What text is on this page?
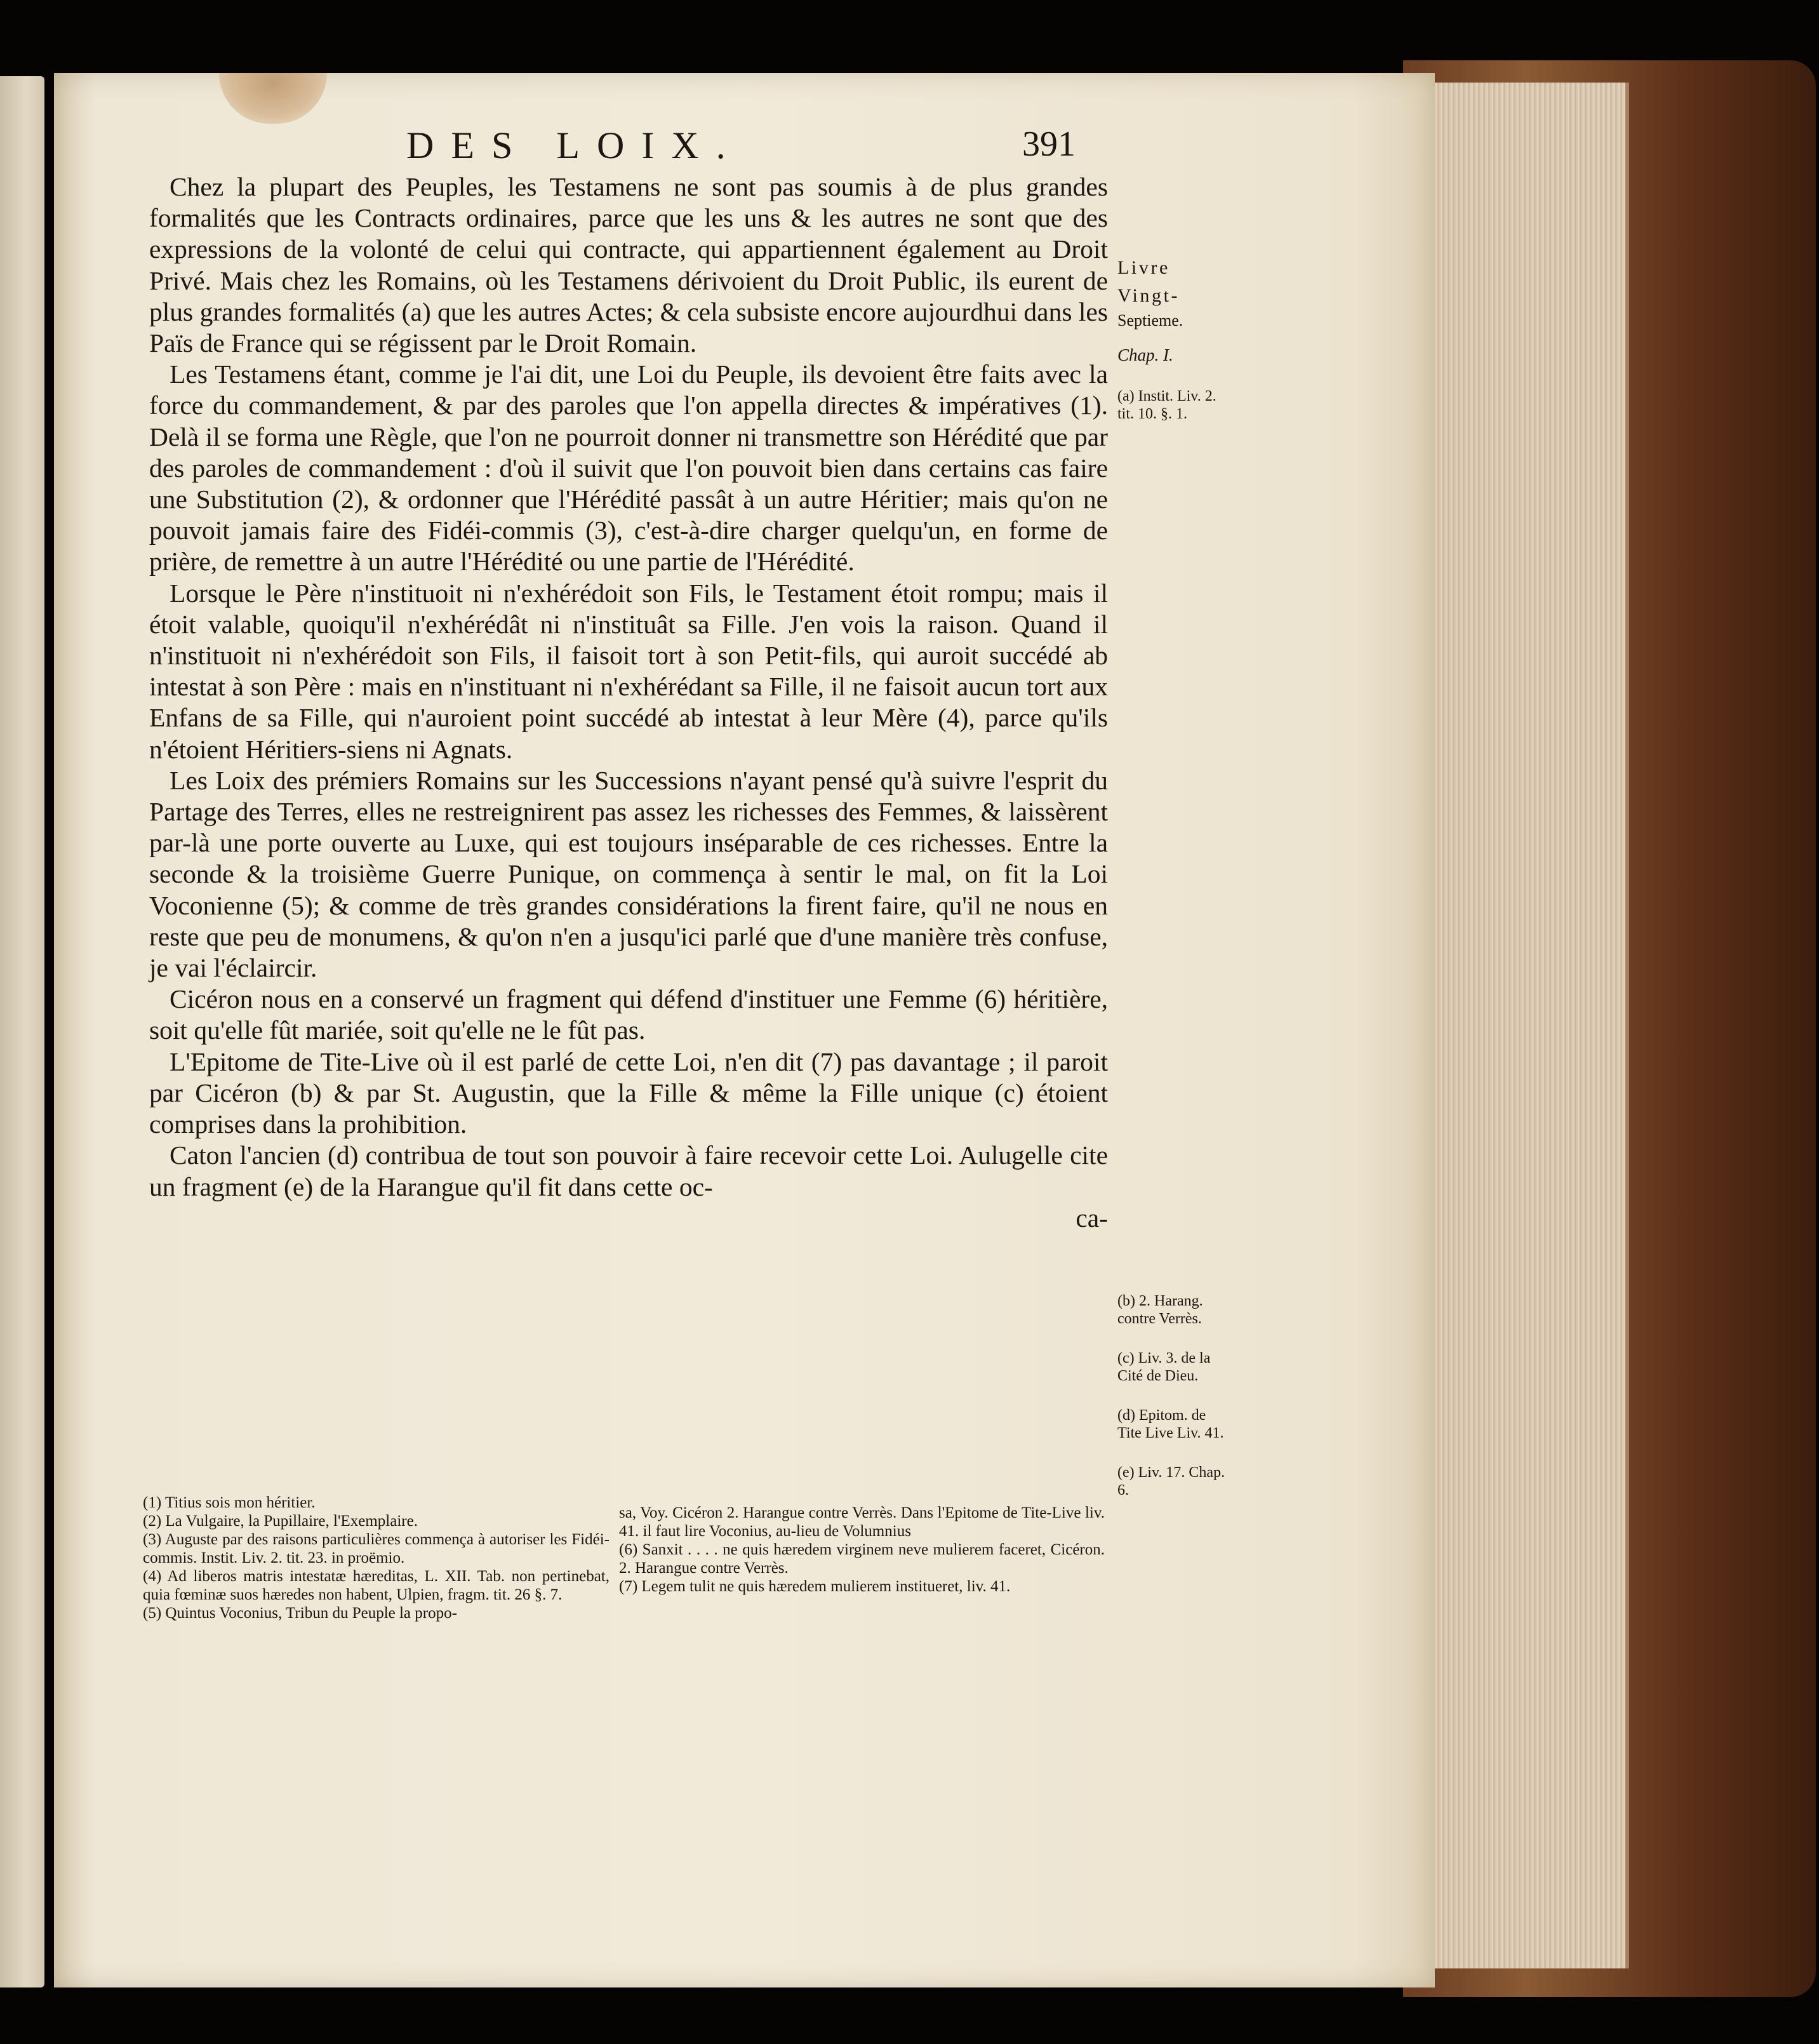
DES LOIX.	391

Chez la plupart des Peuples, les Testamens ne sont pas soumis à de plus grandes formalités que les Contracts ordinaires, parce que les uns & les autres ne sont que des expressions de la volonté de celui qui contracte, qui appartiennent également au Droit Privé. Mais chez les Romains, où les Testamens dérivoient du Droit Public, ils eurent de plus grandes formalités (a) que les autres Actes; & cela subsiste encore aujourdhui dans les Païs de France qui se régissent par le Droit Romain.

Les Testamens étant, comme je l'ai dit, une Loi du Peuple, ils devoient être faits avec la force du commandement, & par des paroles que l'on appella directes & impératives (1). Delà il se forma une Règle, que l'on ne pourroit donner ni transmettre son Hérédité que par des paroles de commandement : d'où il suivit que l'on pouvoit bien dans certains cas faire une Substitution (2), & ordonner que l'Hérédité passât à un autre Héritier; mais qu'on ne pouvoit jamais faire des Fidéi-commis (3), c'est-à-dire charger quelqu'un, en forme de prière, de remettre à un autre l'Hérédité ou une partie de l'Hérédité.

Lorsque le Père n'instituoit ni n'exhérédoit son Fils, le Testament étoit rompu; mais il étoit valable, quoiqu'il n'exhérédât ni n'instituât sa Fille. J'en vois la raison. Quand il n'instituoit ni n'exhérédoit son Fils, il faisoit tort à son Petit-fils, qui auroit succédé ab intestat à son Père : mais en n'instituant ni n'exhérédant sa Fille, il ne faisoit aucun tort aux Enfans de sa Fille, qui n'auroient point succédé ab intestat à leur Mère (4), parce qu'ils n'étoient Héritiers-siens ni Agnats.

Les Loix des prémiers Romains sur les Successions n'ayant pensé qu'à suivre l'esprit du Partage des Terres, elles ne restreignirent pas assez les richesses des Femmes, & laissèrent par-là une porte ouverte au Luxe, qui est toujours inséparable de ces richesses. Entre la seconde & la troisième Guerre Punique, on commença à sentir le mal, on fit la Loi Voconienne (5); & comme de très grandes considérations la firent faire, qu'il ne nous en reste que peu de monumens, & qu'on n'en a jusqu'ici parlé que d'une manière très confuse, je vai l'éclaircir.

Cicéron nous en a conservé un fragment qui défend d'instituer une Femme (6) héritière, soit qu'elle fût mariée, soit qu'elle ne le fût pas.

L'Epitome de Tite-Live où il est parlé de cette Loi, n'en dit (7) pas davantage ; il paroit par Cicéron (b) & par St. Augustin, que la Fille & même la Fille unique (c) étoient comprises dans la prohibition.

Caton l'ancien (d) contribua de tout son pouvoir à faire recevoir cette Loi. Aulugelle cite un fragment (e) de la Harangue qu'il fit dans cette oc-

ca-
Livre
Vingt-
Septieme.
Chap. I.
(a) Instit. Liv. 2. tit. 10. §. 1.
(b) 2. Harang. contre Verrès.
(c) Liv. 3. de la Cité de Dieu.
(d) Epitom. de Tite Live Liv. 41.
(e) Liv. 17. Chap. 6.

(1) Titius sois mon héritier.

(2) La Vulgaire, la Pupillaire, l'Exemplaire.

(3) Auguste par des raisons particulières commença à autoriser les Fidéi-commis. Instit. Liv. 2. tit. 23. in proëmio.

(4) Ad liberos matris intestatæ hæreditas, L. XII. Tab. non pertinebat, quia fœminæ suos hæredes non habent, Ulpien, fragm. tit. 26 §. 7.

(5) Quintus Voconius, Tribun du Peuple la propo-

sa, Voy. Cicéron 2. Harangue contre Verrès. Dans l'Epitome de Tite-Live liv. 41. il faut lire Voconius, au-lieu de Volumnius

(6) Sanxit . . . . ne quis hæredem virginem neve mulierem faceret, Cicéron. 2. Harangue contre Verrès.

(7) Legem tulit ne quis hæredem mulierem institueret, liv. 41.
